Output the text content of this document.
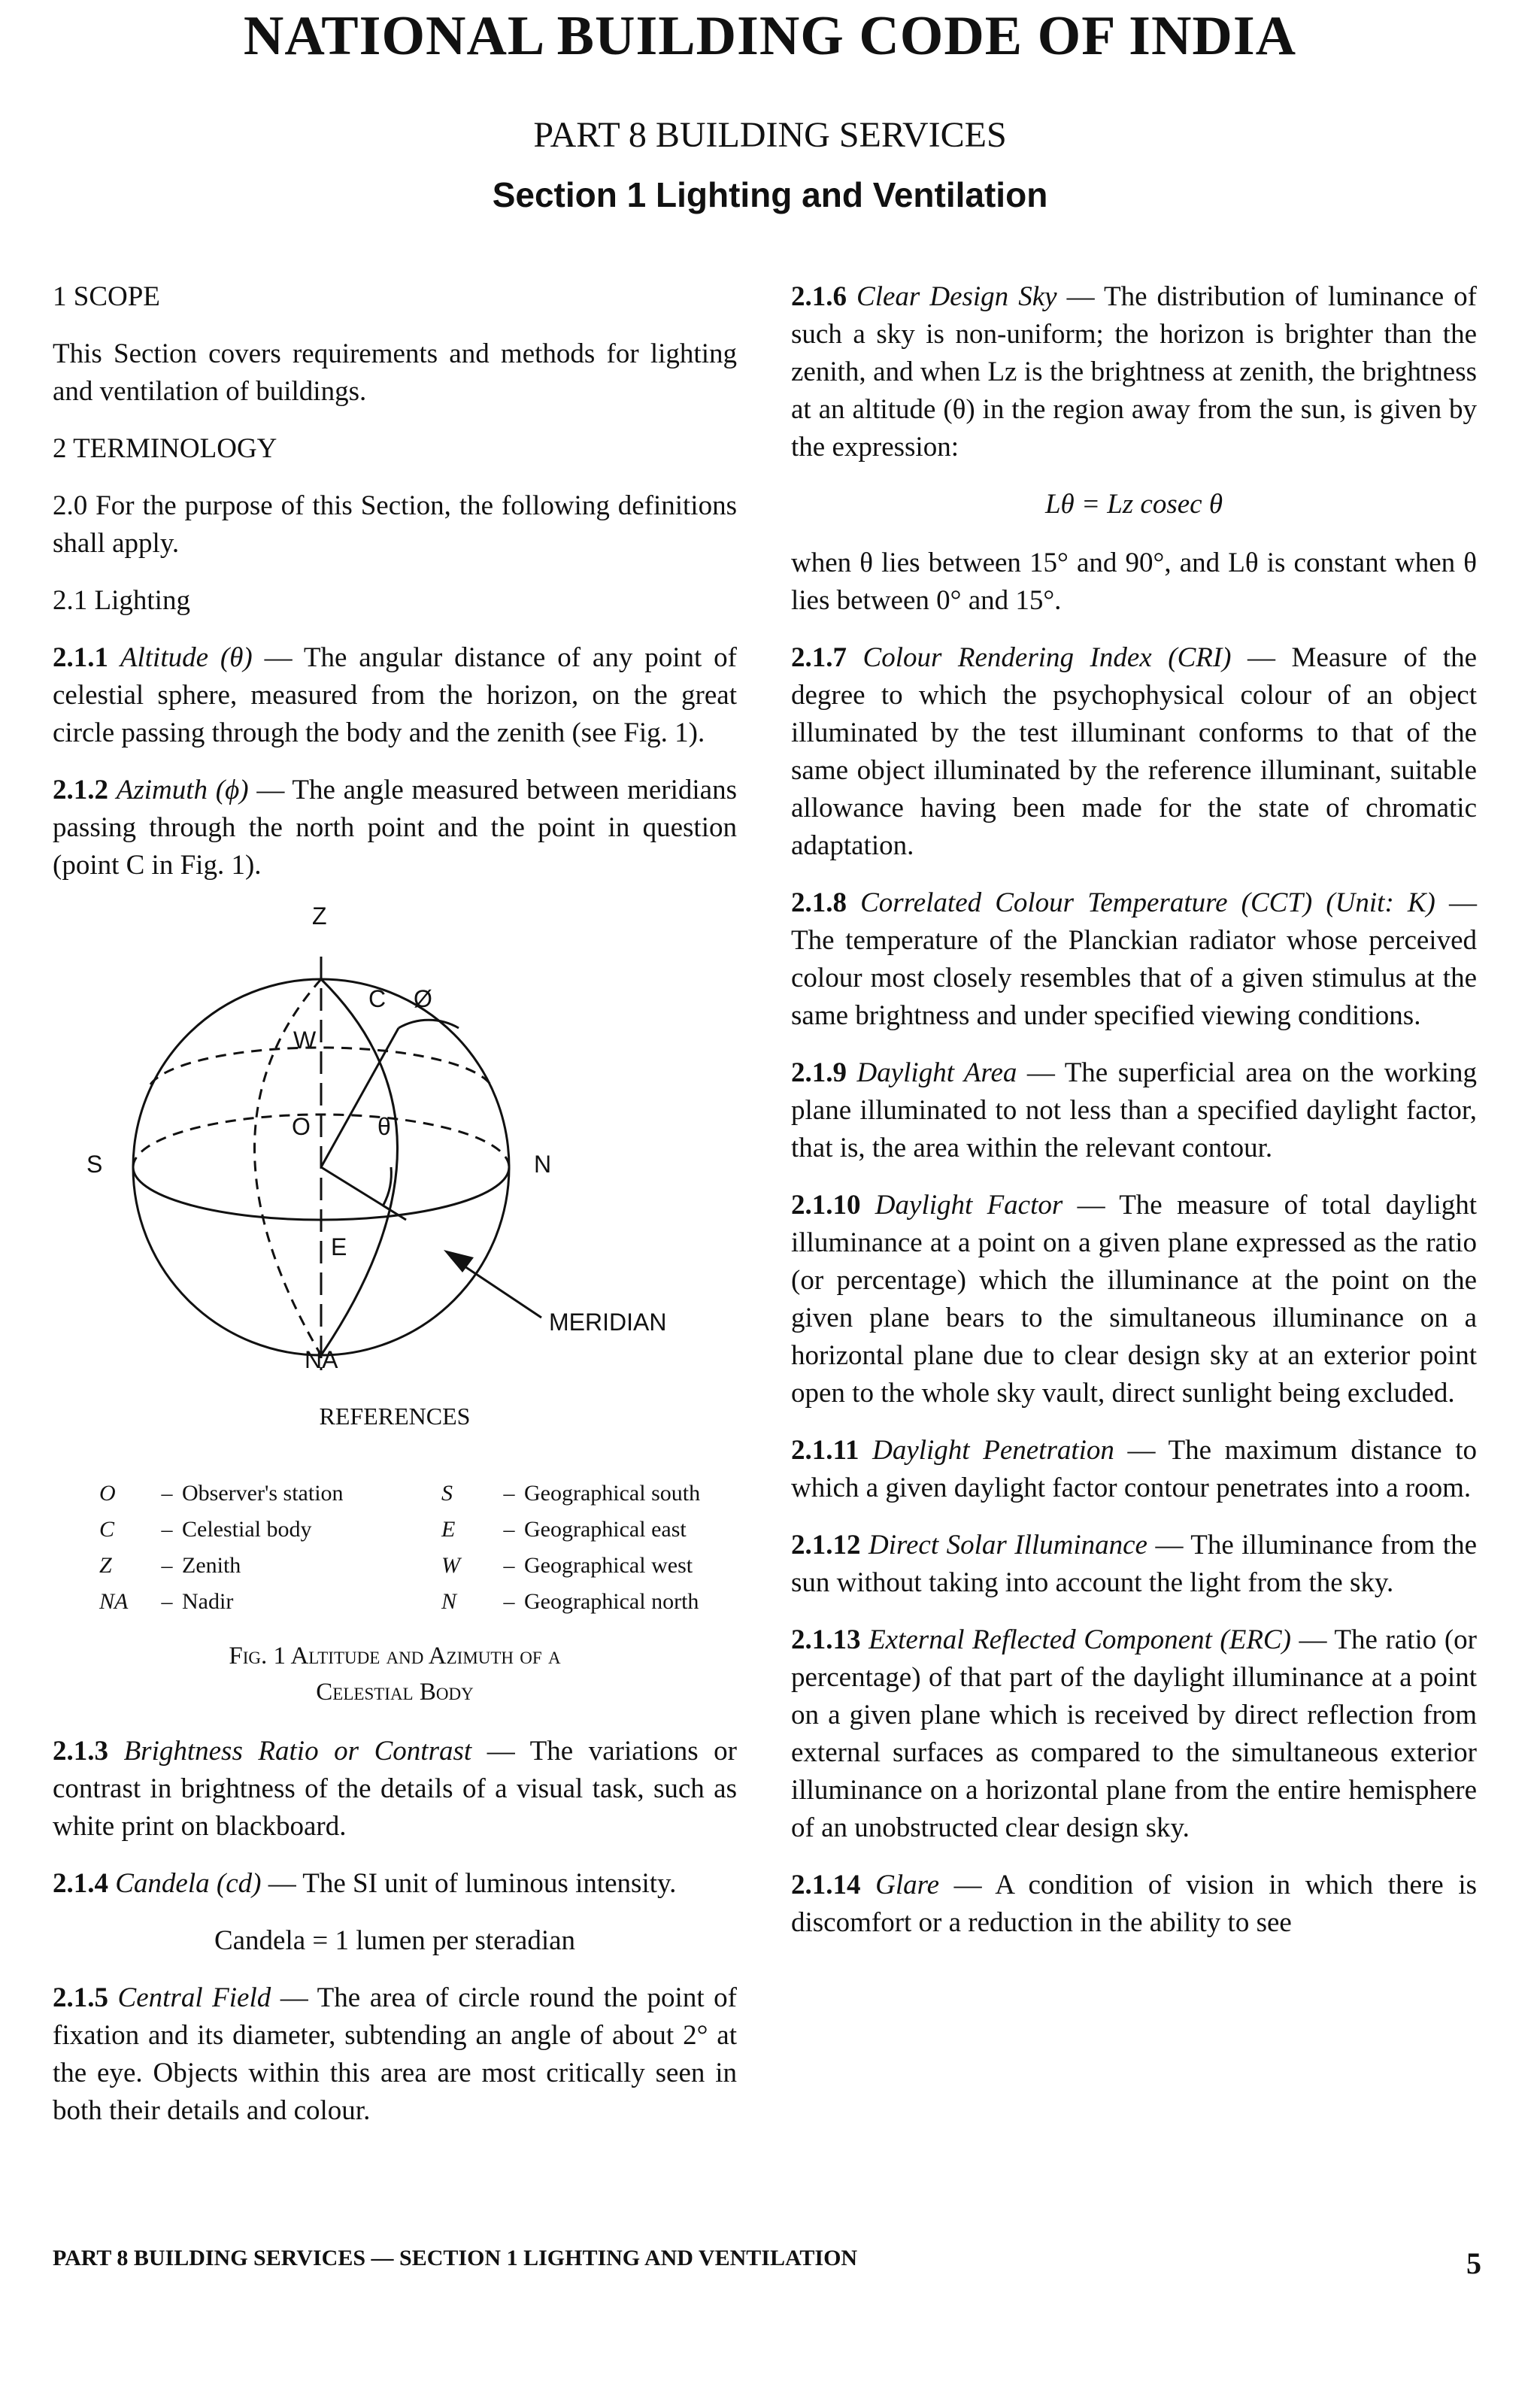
NATIONAL BUILDING CODE OF INDIA
PART 8 BUILDING SERVICES
Section 1 Lighting and Ventilation
1 SCOPE

This Section covers requirements and methods for lighting and ventilation of buildings.

2 TERMINOLOGY

2.0 For the purpose of this Section, the following definitions shall apply.

2.1 Lighting

2.1.1 Altitude (θ) — The angular distance of any point of celestial sphere, measured from the horizon, on the great circle passing through the body and the zenith (see Fig. 1).

2.1.2 Azimuth (ϕ) — The angle measured between meridians passing through the north point and the point in question (point C in Fig. 1).

Z
S	N
W
O
C Ø
θ
E
NA
MERIDIAN
REFERENCES
O	– Observer's station	S	– Geographical south
C	– Celestial body	E	– Geographical east
Z	– Zenith	W	– Geographical west
NA	– Nadir	N	– Geographical north
Fig. 1 Altitude and Azimuth of a
Celestial Body

2.1.3 Brightness Ratio or Contrast — The variations or contrast in brightness of the details of a visual task, such as white print on blackboard.

2.1.4 Candela (cd) — The SI unit of luminous intensity.

Candela = 1 lumen per steradian

2.1.5 Central Field — The area of circle round the point of fixation and its diameter, subtending an angle of about 2° at the eye. Objects within this area are most critically seen in both their details and colour.

2.1.6 Clear Design Sky — The distribution of luminance of such a sky is non-uniform; the horizon is brighter than the zenith, and when Lz is the brightness at zenith, the brightness at an altitude (θ) in the region away from the sun, is given by the expression:

Lθ = Lz cosec θ

when θ lies between 15° and 90°, and Lθ is constant when θ lies between 0° and 15°.

2.1.7 Colour Rendering Index (CRI) — Measure of the degree to which the psychophysical colour of an object illuminated by the test illuminant conforms to that of the same object illuminated by the reference illuminant, suitable allowance having been made for the state of chromatic adaptation.

2.1.8 Correlated Colour Temperature (CCT) (Unit: K) — The temperature of the Planckian radiator whose perceived colour most closely resembles that of a given stimulus at the same brightness and under specified viewing conditions.

2.1.9 Daylight Area — The superficial area on the working plane illuminated to not less than a specified daylight factor, that is, the area within the relevant contour.

2.1.10 Daylight Factor — The measure of total daylight illuminance at a point on a given plane expressed as the ratio (or percentage) which the illuminance at the point on the given plane bears to the simultaneous illuminance on a horizontal plane due to clear design sky at an exterior point open to the whole sky vault, direct sunlight being excluded.

2.1.11 Daylight Penetration — The maximum distance to which a given daylight factor contour penetrates into a room.

2.1.12 Direct Solar Illuminance — The illuminance from the sun without taking into account the light from the sky.

2.1.13 External Reflected Component (ERC) — The ratio (or percentage) of that part of the daylight illuminance at a point on a given plane which is received by direct reflection from external surfaces as compared to the simultaneous exterior illuminance on a horizontal plane from the entire hemisphere of an unobstructed clear design sky.

2.1.14 Glare — A condition of vision in which there is discomfort or a reduction in the ability to see

PART 8 BUILDING SERVICES — SECTION 1 LIGHTING AND VENTILATION	5
